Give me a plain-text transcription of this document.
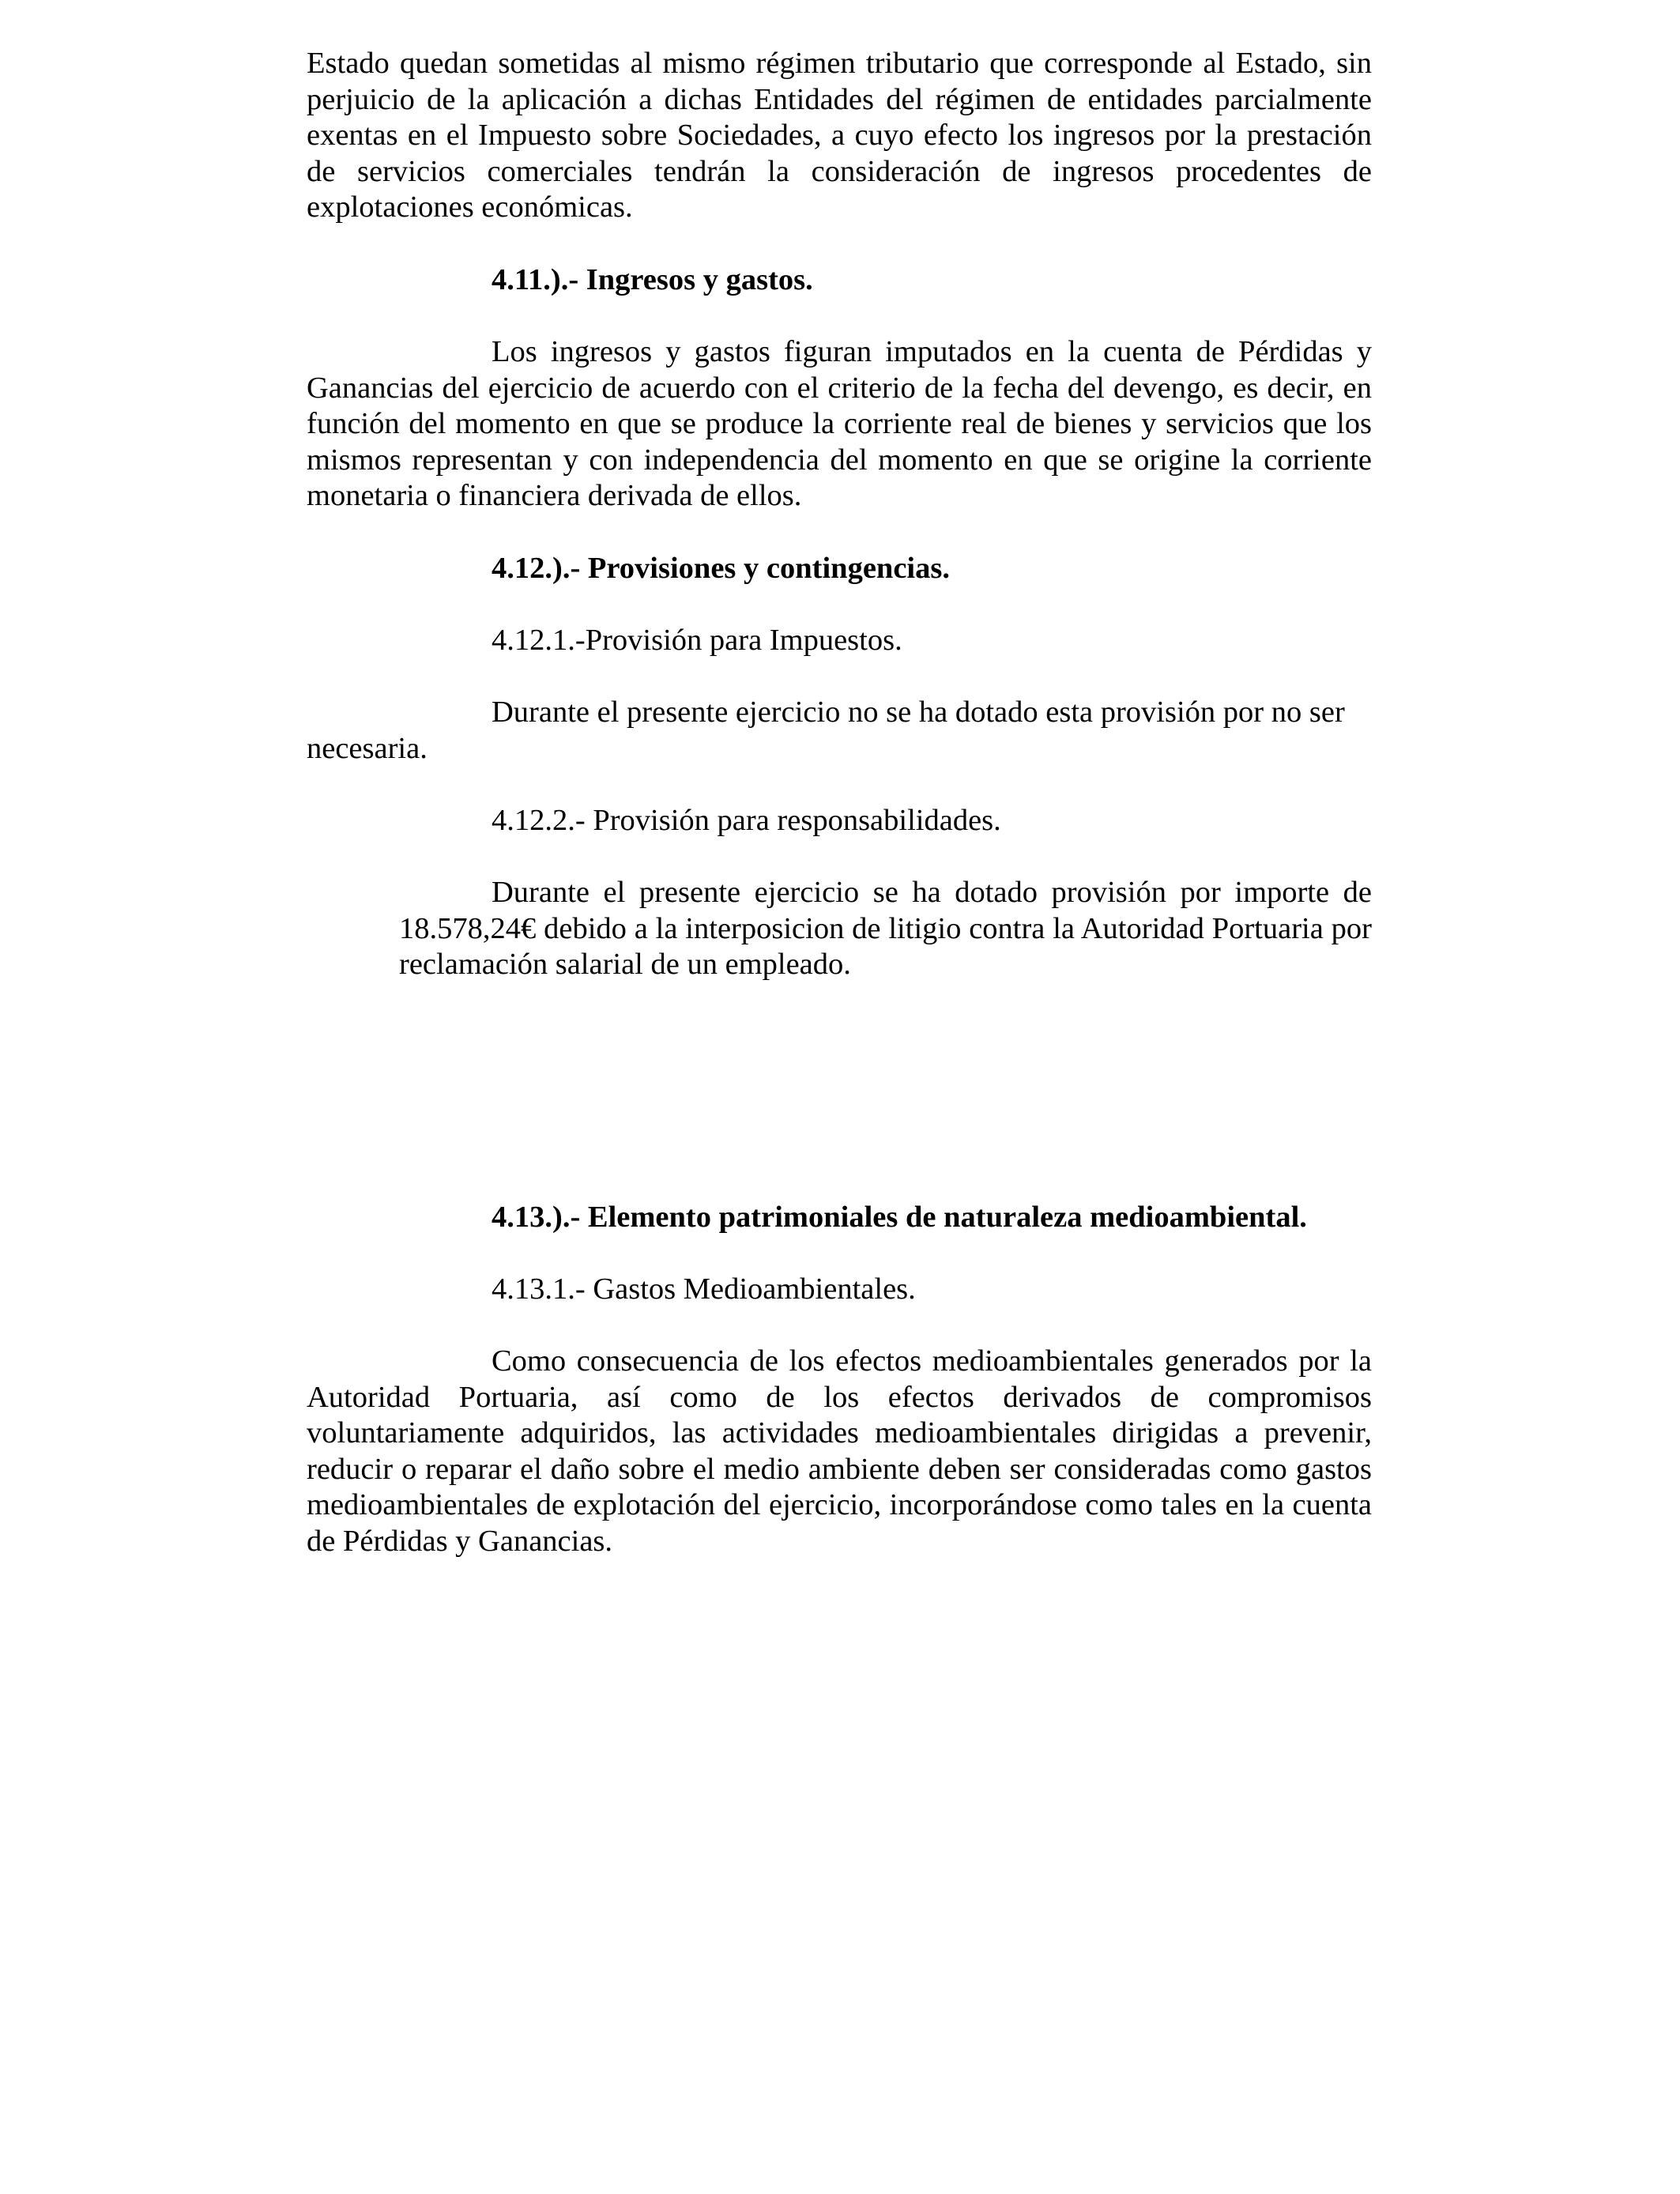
Estado quedan sometidas al mismo régimen tributario que corresponde al Estado, sin perjuicio de la aplicación a dichas Entidades del régimen de entidades parcialmente exentas en el Impuesto sobre Sociedades, a cuyo efecto los ingresos por la prestación de servicios comerciales tendrán la consideración de ingresos procedentes de explotaciones económicas.

4.11.).- Ingresos y gastos.

Los ingresos y gastos figuran imputados en la cuenta de Pérdidas y Ganancias del ejercicio de acuerdo con el criterio de la fecha del devengo, es decir, en función del momento en que se produce la corriente real de bienes y servicios que los mismos representan y con independencia del momento en que se origine la corriente monetaria o financiera derivada de ellos.

4.12.).- Provisiones y contingencias.

4.12.1.-Provisión para Impuestos.

Durante el presente ejercicio no se ha dotado esta provisión por no ser

necesaria.

4.12.2.- Provisión para responsabilidades.

Durante el presente ejercicio se ha dotado provisión por importe de 18.578,24€ debido a la interposicion de litigio contra la Autoridad Portuaria por reclamación salarial de un empleado.

4.13.).- Elemento patrimoniales de naturaleza medioambiental.

4.13.1.- Gastos Medioambientales.

Como consecuencia de los efectos medioambientales generados por la Autoridad Portuaria, así como de los efectos derivados de compromisos voluntariamente adquiridos, las actividades medioambientales dirigidas a prevenir, reducir o reparar el daño sobre el medio ambiente deben ser consideradas como gastos medioambientales de explotación del ejercicio, incorporándose como tales en la cuenta de Pérdidas y Ganancias.
